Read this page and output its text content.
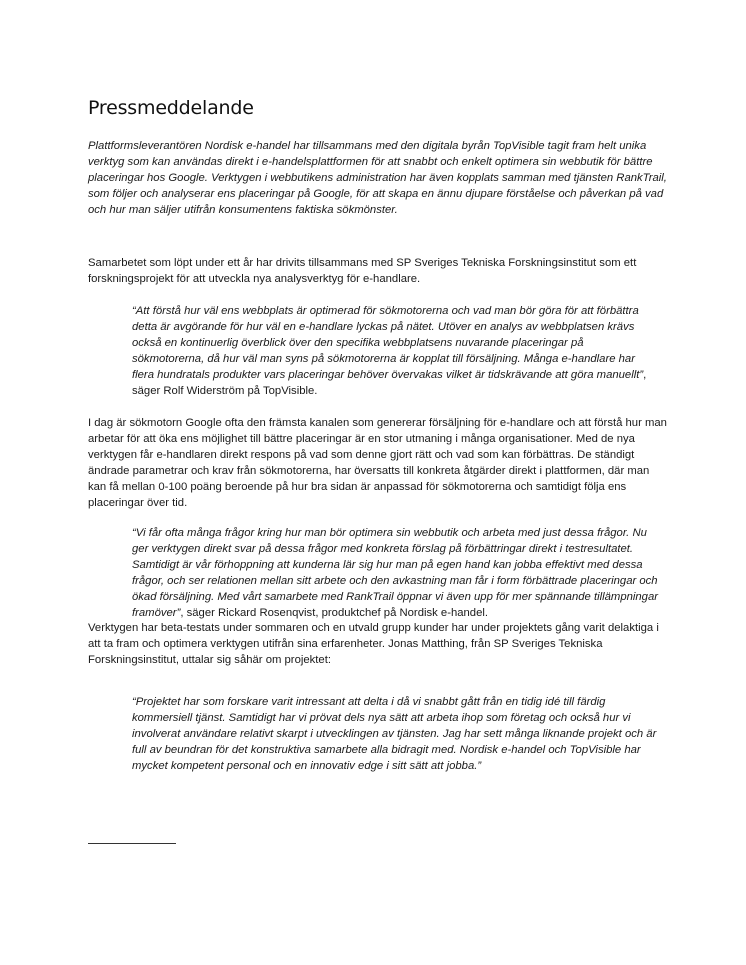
Pressmeddelande

Plattformsleverantören Nordisk e-handel har tillsammans med den digitala byrån TopVisible tagit fram helt unika verktyg som kan användas direkt i e-handelsplattformen för att snabbt och enkelt optimera sin webbutik för bättre placeringar hos Google. Verktygen i webbutikens administration har även kopplats samman med tjänsten RankTrail, som följer och analyserar ens placeringar på Google, för att skapa en ännu djupare förståelse och påverkan på vad och hur man säljer utifrån konsumentens faktiska sökmönster.

Samarbetet som löpt under ett år har drivits tillsammans med SP Sveriges Tekniska Forskningsinstitut som ett forskningsprojekt för att utveckla nya analysverktyg för e-handlare.

“Att förstå hur väl ens webbplats är optimerad för sökmotorerna och vad man bör göra för att förbättra detta är avgörande för hur väl en e-handlare lyckas på nätet. Utöver en analys av webbplatsen krävs också en kontinuerlig överblick över den specifika webbplatsens nuvarande placeringar på sökmotorerna, då hur väl man syns på sökmotorerna är kopplat till försäljning. Många e-handlare har flera hundratals produkter vars placeringar behöver övervakas vilket är tidskrävande att göra manuellt”, säger Rolf Widerström på TopVisible.

I dag är sökmotorn Google ofta den främsta kanalen som genererar försäljning för e-handlare och att förstå hur man arbetar för att öka ens möjlighet till bättre placeringar är en stor utmaning i många organisationer. Med de nya verktygen får e-handlaren direkt respons på vad som denne gjort rätt och vad som kan förbättras. De ständigt ändrade parametrar och krav från sökmotorerna, har översatts till konkreta åtgärder direkt i plattformen, där man kan få mellan 0-100 poäng beroende på hur bra sidan är anpassad för sökmotorerna och samtidigt följa ens placeringar över tid.

“Vi får ofta många frågor kring hur man bör optimera sin webbutik och arbeta med just dessa frågor. Nu ger verktygen direkt svar på dessa frågor med konkreta förslag på förbättringar direkt i testresultatet. Samtidigt är vår förhoppning att kunderna lär sig hur man på egen hand kan jobba effektivt med dessa frågor, och ser relationen mellan sitt arbete och den avkastning man får i form förbättrade placeringar och ökad försäljning. Med vårt samarbete med RankTrail öppnar vi även upp för mer spännande tillämpningar framöver”, säger Rickard Rosenqvist, produktchef på Nordisk e-handel.

Verktygen har beta-testats under sommaren och en utvald grupp kunder har under projektets gång varit delaktiga i att ta fram och optimera verktygen utifrån sina erfarenheter. Jonas Matthing, från SP Sveriges Tekniska Forskningsinstitut, uttalar sig såhär om projektet:

“Projektet har som forskare varit intressant att delta i då vi snabbt gått från en tidig idé till färdig kommersiell tjänst. Samtidigt har vi prövat dels nya sätt att arbeta ihop som företag och också hur vi involverat användare relativt skarpt i utvecklingen av tjänsten. Jag har sett många liknande projekt och är full av beundran för det konstruktiva samarbete alla bidragit med. Nordisk e-handel och TopVisible har mycket kompetent personal och en innovativ edge i sitt sätt att jobba.”
